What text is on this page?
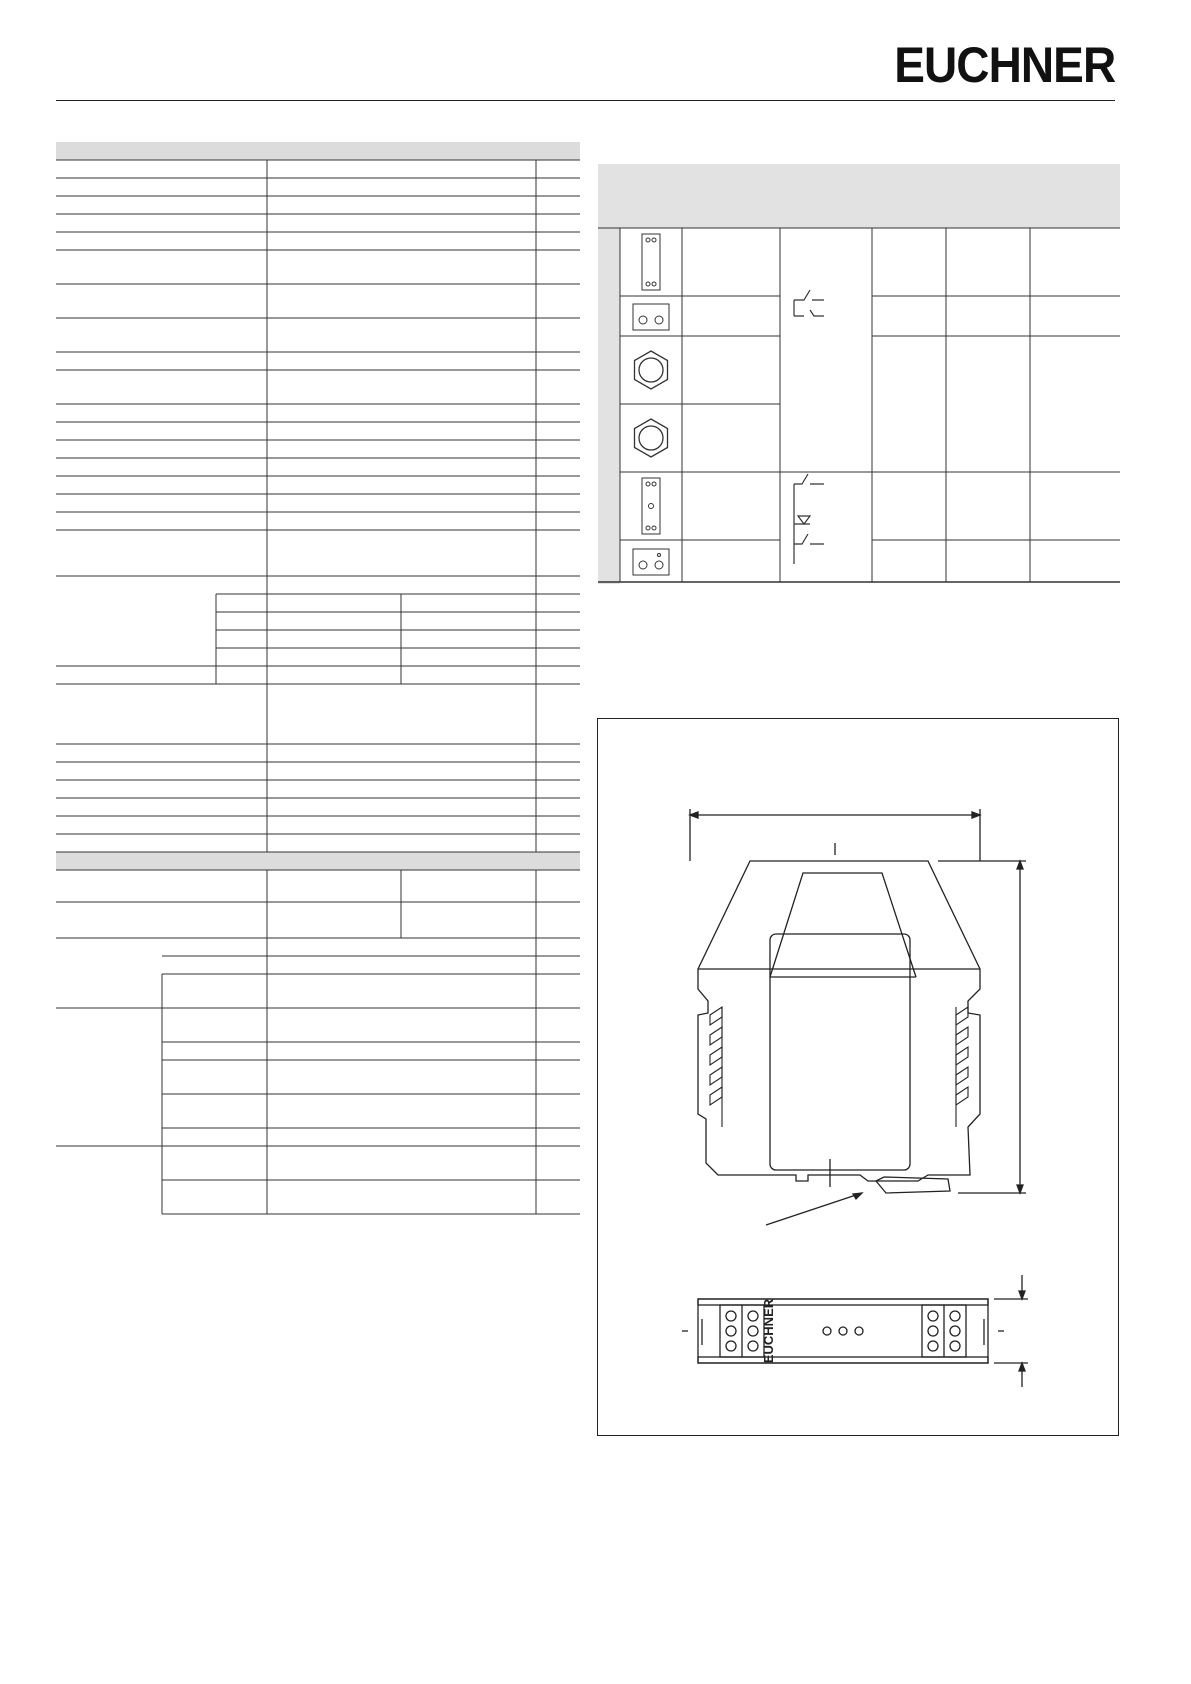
EUCHNER
EUCHNER
